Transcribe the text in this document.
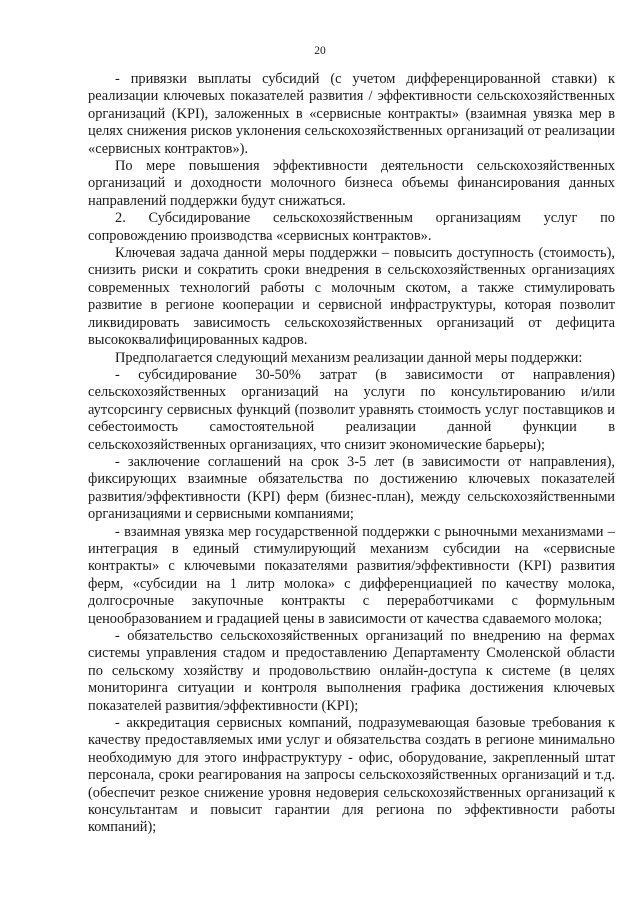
20

- привязки выплаты субсидий (с учетом дифференцированной ставки) к реализации ключевых показателей развития / эффективности сельскохозяйственных организаций (KPI), заложенных в «сервисные контракты» (взаимная увязка мер в целях снижения рисков уклонения сельскохозяйственных организаций от реализации «сервисных контрактов»).

По мере повышения эффективности деятельности сельскохозяйственных организаций и доходности молочного бизнеса объемы финансирования данных направлений поддержки будут снижаться.

2. Субсидирование сельскохозяйственным организациям услуг по сопровождению производства «сервисных контрактов».

Ключевая задача данной меры поддержки – повысить доступность (стоимость), снизить риски и сократить сроки внедрения в сельскохозяйственных организациях современных технологий работы с молочным скотом, а также стимулировать развитие в регионе кооперации и сервисной инфраструктуры, которая позволит ликвидировать зависимость сельскохозяйственных организаций от дефицита высококвалифицированных кадров.

Предполагается следующий механизм реализации данной меры поддержки:

- субсидирование 30-50% затрат (в зависимости от направления) сельскохозяйственных организаций на услуги по консультированию и/или аутсорсингу сервисных функций (позволит уравнять стоимость услуг поставщиков и себестоимость самостоятельной реализации данной функции в сельскохозяйственных организациях, что снизит экономические барьеры);

- заключение соглашений на срок 3-5 лет (в зависимости от направления), фиксирующих взаимные обязательства по достижению ключевых показателей развития/эффективности (KPI) ферм (бизнес-план), между сельскохозяйственными организациями и сервисными компаниями;

- взаимная увязка мер государственной поддержки с рыночными механизмами – интеграция в единый стимулирующий механизм субсидии на «сервисные контракты» с ключевыми показателями развития/эффективности (KPI) развития ферм, «субсидии на 1 литр молока» с дифференциацией по качеству молока, долгосрочные закупочные контракты с переработчиками с формульным ценообразованием и градацией цены в зависимости от качества сдаваемого молока;

- обязательство сельскохозяйственных организаций по внедрению на фермах системы управления стадом и предоставлению Департаменту Смоленской области по сельскому хозяйству и продовольствию онлайн-доступа к системе (в целях мониторинга ситуации и контроля выполнения графика достижения ключевых показателей развития/эффективности (KPI);

- аккредитация сервисных компаний, подразумевающая базовые требования к качеству предоставляемых ими услуг и обязательства создать в регионе минимально необходимую для этого инфраструктуру - офис, оборудование, закрепленный штат персонала, сроки реагирования на запросы сельскохозяйственных организаций и т.д. (обеспечит резкое снижение уровня недоверия сельскохозяйственных организаций к консультантам и повысит гарантии для региона по эффективности работы компаний);
